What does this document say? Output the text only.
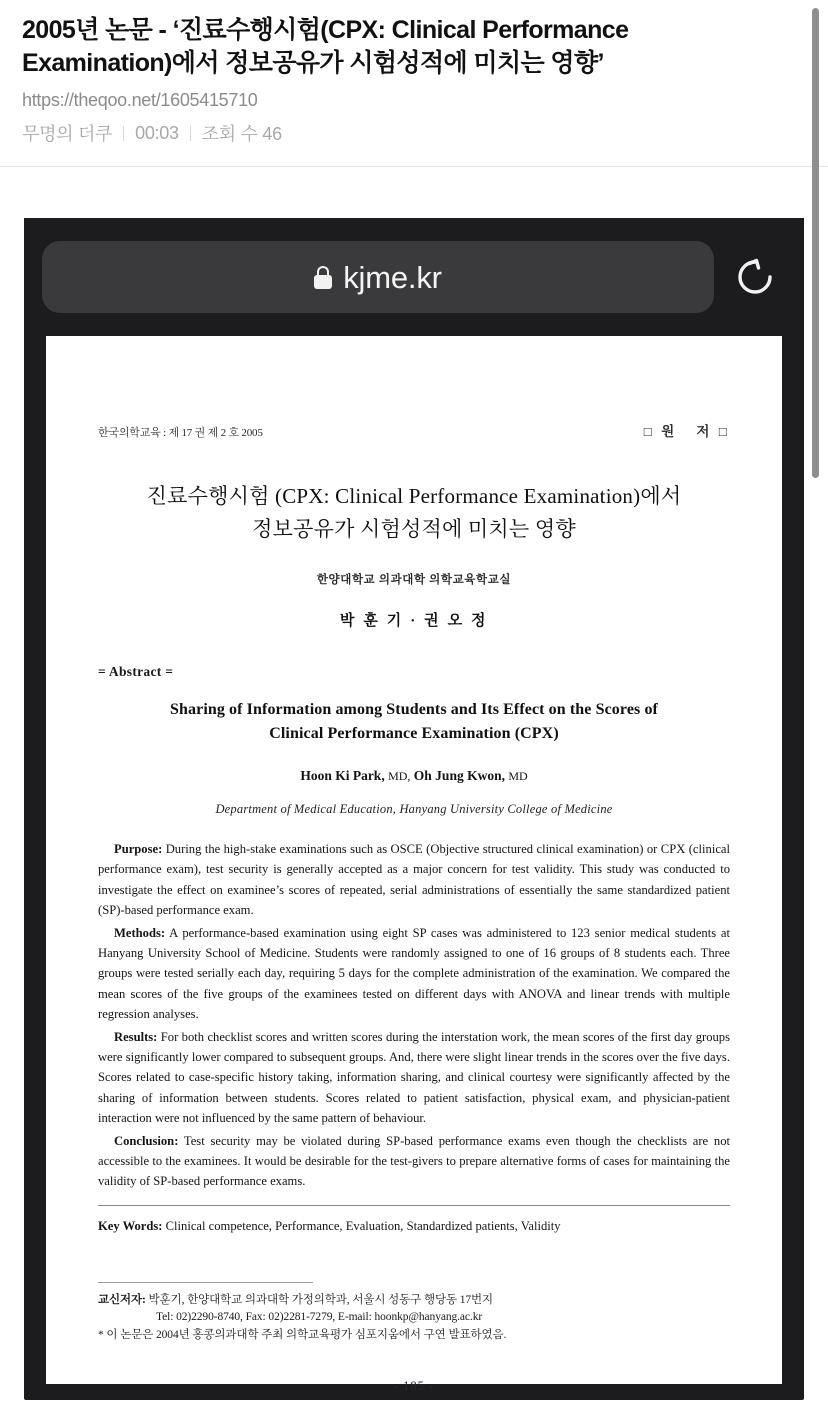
2005년 논문 - ‘진료수행시험(CPX: Clinical Performance Examination)에서 정보공유가 시험성적에 미치는 영향’
https://theqoo.net/1605415710
무명의 더쿠 00:03 조회 수 46
kjme.kr
한국의학교육 : 제 17 권 제 2 호 2005	□ 원   저 □
진료수행시험 (CPX: Clinical Performance Examination)에서
정보공유가 시험성적에 미치는 영향
한양대학교 의과대학 의학교육학교실
박 훈 기 · 권 오 정
= Abstract =
Sharing of Information among Students and Its Effect on the Scores of
Clinical Performance Examination (CPX)
Hoon Ki Park, MD, Oh Jung Kwon, MD
Department of Medical Education, Hanyang University College of Medicine

Purpose: During the high-stake examinations such as OSCE (Objective structured clinical examination) or CPX (clinical performance exam), test security is generally accepted as a major concern for test validity. This study was conducted to investigate the effect on examinee’s scores of repeated, serial administrations of essentially the same standardized patient (SP)-based performance exam.

Methods: A performance-based examination using eight SP cases was administered to 123 senior medical students at Hanyang University School of Medicine. Students were randomly assigned to one of 16 groups of 8 students each. Three groups were tested serially each day, requiring 5 days for the complete administration of the examination. We compared the mean scores of the five groups of the examinees tested on different days with ANOVA and linear trends with multiple regression analyses.

Results: For both checklist scores and written scores during the interstation work, the mean scores of the first day groups were significantly lower compared to subsequent groups. And, there were slight linear trends in the scores over the five days. Scores related to case-specific history taking, information sharing, and clinical courtesy were significantly affected by the sharing of information between students. Scores related to patient satisfaction, physical exam, and physician-patient interaction were not influenced by the same pattern of behaviour.

Conclusion: Test security may be violated during SP-based performance exams even though the checklists are not accessible to the examinees. It would be desirable for the test-givers to prepare alternative forms of cases for maintaining the validity of SP-based performance exams.

Key Words: Clinical competence, Performance, Evaluation, Standardized patients, Validity

교신저자: 박훈기, 한양대학교 의과대학 가정의학과, 서울시 성동구 행당동 17번지

Tel: 02)2290-8740, Fax: 02)2281-7279, E-mail: hoonkp@hanyang.ac.kr

* 이 논문은 2004년 홍콩의과대학 주최 의학교육평가 심포지움에서 구연 발표하였음.

- 185 -
